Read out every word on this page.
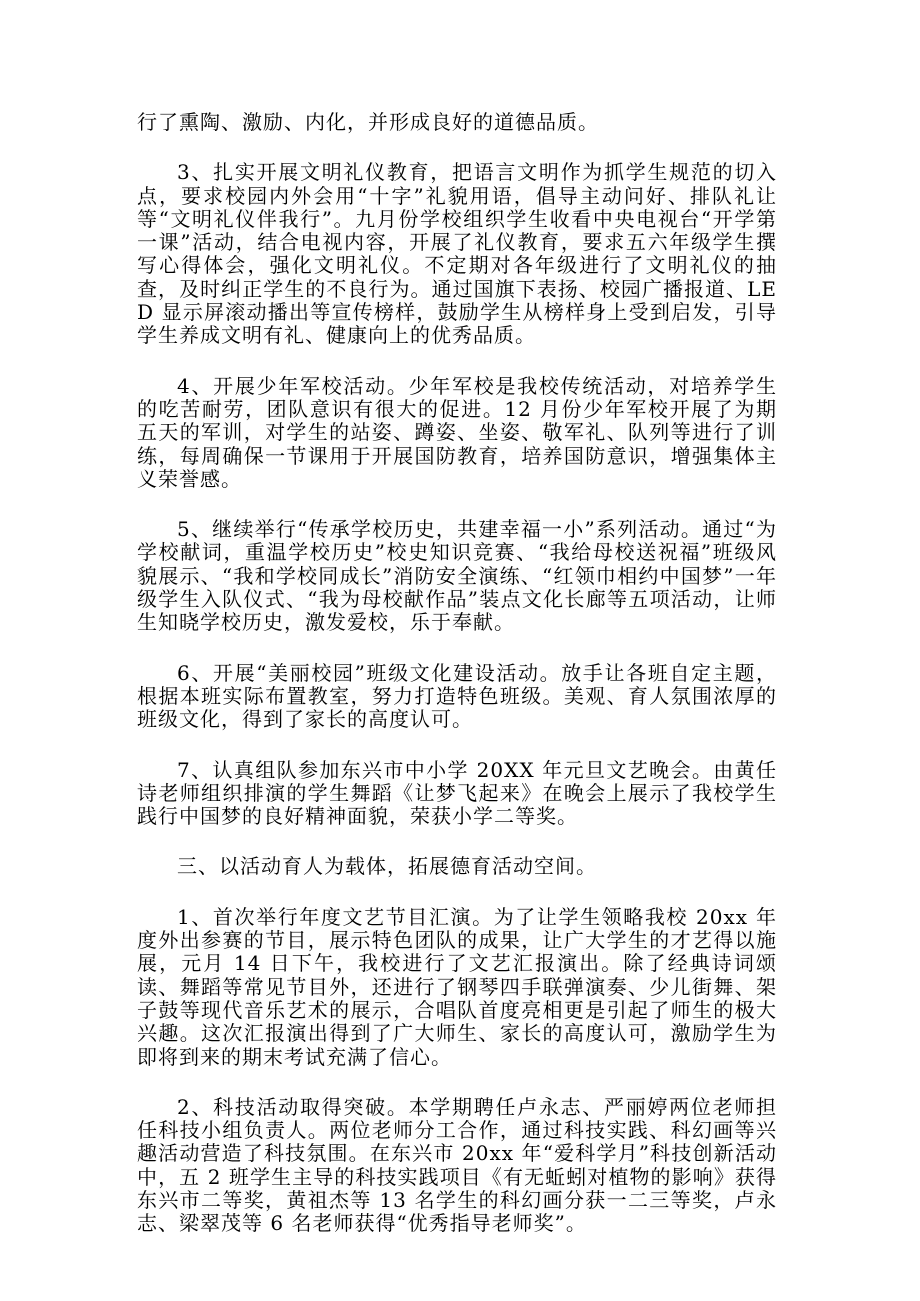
行了熏陶、激励、内化，并形成良好的道德品质。

3、扎实开展文明礼仪教育，把语言文明作为抓学生规范的切入点，要求校园内外会用“十字”礼貌用语，倡导主动问好、排队礼让等“文明礼仪伴我行”。九月份学校组织学生收看中央电视台“开学第一课”活动，结合电视内容，开展了礼仪教育，要求五六年级学生撰写心得体会，强化文明礼仪。不定期对各年级进行了文明礼仪的抽查，及时纠正学生的不良行为。通过国旗下表扬、校园广播报道、LED 显示屏滚动播出等宣传榜样，鼓励学生从榜样身上受到启发，引导学生养成文明有礼、健康向上的优秀品质。

4、开展少年军校活动。少年军校是我校传统活动，对培养学生的吃苦耐劳，团队意识有很大的促进。12 月份少年军校开展了为期五天的军训，对学生的站姿、蹲姿、坐姿、敬军礼、队列等进行了训练，每周确保一节课用于开展国防教育，培养国防意识，增强集体主义荣誉感。

5、继续举行“传承学校历史，共建幸福一小”系列活动。通过“为学校献词，重温学校历史”校史知识竞赛、“我给母校送祝福”班级风貌展示、“我和学校同成长”消防安全演练、“红领巾相约中国梦”一年级学生入队仪式、“我为母校献作品”装点文化长廊等五项活动，让师生知晓学校历史，激发爱校，乐于奉献。

6、开展“美丽校园”班级文化建设活动。放手让各班自定主题，根据本班实际布置教室，努力打造特色班级。美观、育人氛围浓厚的班级文化，得到了家长的高度认可。

7、认真组队参加东兴市中小学 20XX 年元旦文艺晚会。由黄任诗老师组织排演的学生舞蹈《让梦飞起来》在晚会上展示了我校学生践行中国梦的良好精神面貌，荣获小学二等奖。

三、以活动育人为载体，拓展德育活动空间。

1、首次举行年度文艺节目汇演。为了让学生领略我校 20xx 年度外出参赛的节目，展示特色团队的成果，让广大学生的才艺得以施展，元月 14 日下午，我校进行了文艺汇报演出。除了经典诗词颂读、舞蹈等常见节目外，还进行了钢琴四手联弹演奏、少儿街舞、架子鼓等现代音乐艺术的展示，合唱队首度亮相更是引起了师生的极大兴趣。这次汇报演出得到了广大师生、家长的高度认可，激励学生为即将到来的期末考试充满了信心。

2、科技活动取得突破。本学期聘任卢永志、严丽婷两位老师担任科技小组负责人。两位老师分工合作，通过科技实践、科幻画等兴趣活动营造了科技氛围。在东兴市 20xx 年“爱科学月”科技创新活动中，五 2 班学生主导的科技实践项目《有无蚯蚓对植物的影响》获得东兴市二等奖，黄祖杰等 13 名学生的科幻画分获一二三等奖，卢永志、梁翠茂等 6 名老师获得“优秀指导老师奖”。
